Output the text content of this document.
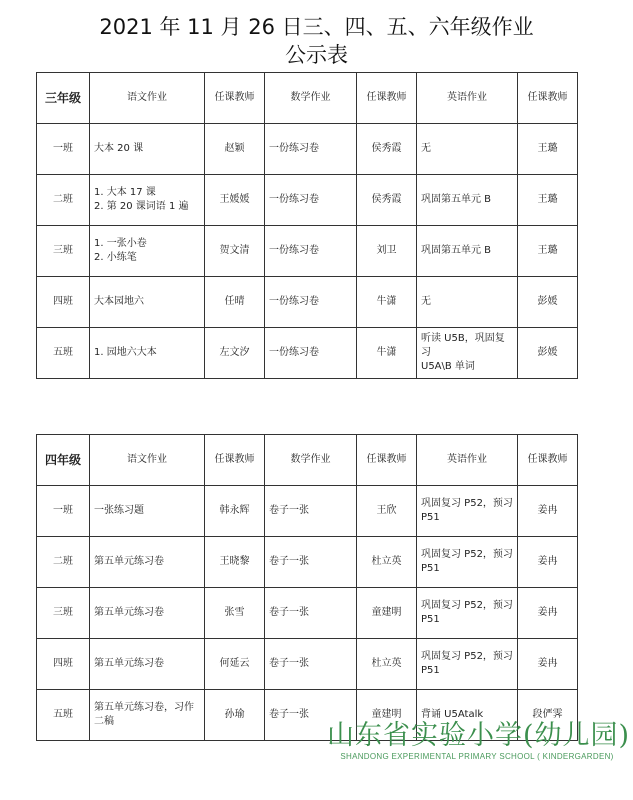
2021 年 11 月 26 日三、四、五、六年级作业
公示表
三年级	语文作业	任课教师	数学作业	任课教师	英语作业	任课教师
一班	大本 20 课	赵颖	一份练习卷	侯秀霞	无	王璐
二班	1. 大本 17 课
2. 第 20 课词语 1 遍	王媛媛	一份练习卷	侯秀霞	巩固第五单元 B	王璐
三班	1. 一张小卷
2. 小练笔	贺文清	一份练习卷	刘卫	巩固第五单元 B	王璐
四班	大本园地六	任晴	一份练习卷	牛潇	无	彭媛
五班	1. 园地六大本	左文汐	一份练习卷	牛潇	听读 U5B，巩固复习
U5A\B 单词	彭媛
四年级	语文作业	任课教师	数学作业	任课教师	英语作业	任课教师
一班	一张练习题	韩永辉	卷子一张	王欣	巩固复习 P52，预习
P51	姜冉
二班	第五单元练习卷	王晓黎	卷子一张	杜立英	巩固复习 P52，预习
P51	姜冉
三班	第五单元练习卷	张雪	卷子一张	童建明	巩固复习 P52，预习
P51	姜冉
四班	第五单元练习卷	何延云	卷子一张	杜立英	巩固复习 P52，预习
P51	姜冉
五班	第五单元练习卷，习作
二稿	孙瑜	卷子一张	童建明	背诵 U5Atalk	段俨霁
山东省实验小学(幼儿园)
SHANDONG EXPERIMENTAL PRIMARY SCHOOL ( KINDERGARDEN)
